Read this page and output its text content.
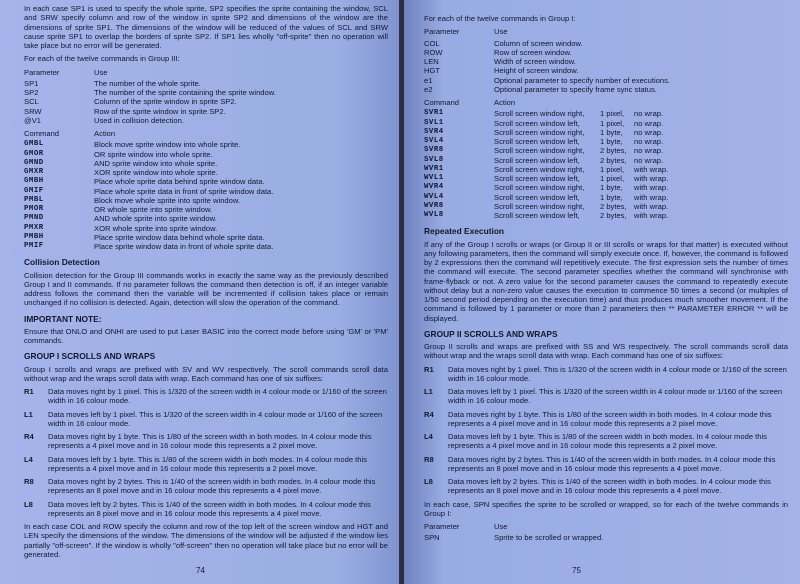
In each case SP1 is used to specify the whole sprite, SP2 specifies the sprite containing the window, SCL and SRW specify column and row of the window in sprite SP2 and dimensions of the window are the dimensions of sprite SP1. The dimensions of the window will be reduced of the values of SCL and SRW cause sprite SP1 to overlap the borders of sprite SP2. If SP1 lies wholly "off-sprite" then no operation will take place but no error will be generated.

For each of the twelve commands in Group III:

Parameter	Use
SP1	The number of the whole sprite.
SP2	The number of the sprite containing the sprite window.
SCL	Column of the sprite window in sprite SP2.
SRW	Row of the sprite window in sprite SP2.
@V1	Used in collision detection.
Command	Action
GMBL	Block move sprite window into whole sprite.
GMOR	OR sprite window into whole sprite.
GMND	AND sprite window into whole sprite.
GMXR	XOR sprite window into whole sprite.
GMBH	Place whole sprite data behind sprite window data.
GMIF	Place whole sprite data in front of sprite window data.
PMBL	Block move whole sprite into sprite window.
PMOR	OR whole sprite into sprite window.
PMND	AND whole sprite into sprite window.
PMXR	XOR whole sprite into sprite window.
PMBH	Place sprite window data behind whole sprite data.
PMIF	Place sprite window data in front of whole sprite data.
Collision Detection

Collision detection for the Group III commands works in exactly the same way as the previously described Group I and II commands. If no parameter follows the command then detection is off, if an integer variable address follows the command then the variable will be incremented if collision takes place or remain unchanged if no collision is detected. Again, detection will slow the operation of the command.

IMPORTANT NOTE:

Ensure that ONLO and ONHI are used to put Laser BASIC into the correct mode before using 'GM' or 'PM' commands.

GROUP I SCROLLS AND WRAPS

Group I scrolls and wraps are prefixed with SV and WV respectively. The scroll commands scroll data without wrap and the wraps scroll data with wrap. Each command has one of six suffixes:

R1	Data moves right by 1 pixel. This is 1/320 of the screen width in 4 colour mode or 1/160 of the screen width in 16 colour mode.
L1	Data moves left by 1 pixel. This is 1/320 of the screen width in 4 colour mode or 1/160 of the screen width in 16 colour mode.
R4	Data moves right by 1 byte. This is 1/80 of the screen width in both modes. In 4 colour mode this represents a 4 pixel move and in 16 colour mode this represents a 2 pixel move.
L4	Data moves left by 1 byte. This is 1/80 of the screen width in both modes. In 4 colour mode this represents a 4 pixel move and in 16 colour mode this represents a 2 pixel move.
R8	Data moves right by 2 bytes. This is 1/40 of the screen width in both modes. In 4 colour mode this represents an 8 pixel move and in 16 colour mode this represents a 4 pixel move.
L8	Data moves left by 2 bytes. This is 1/40 of the screen width in both modes. In 4 colour mode this represents an 8 pixel move and in 16 colour mode this represents a 4 pixel move.

In each case COL and ROW specify the column and row of the top left of the screen window and HGT and LEN specify the dimensions of the window. The dimensions of the window will be adjusted if the window lies partially "off-screen". If the window is wholly "off-screen" then no operation will take place but no error will be generated.

74

For each of the twelve commands in Group I:

Parameter	Use
COL	Column of screen window.
ROW	Row of screen window.
LEN	Width of screen window.
HGT	Height of screen window.
e1	Optional parameter to specify number of executions.
e2	Optional parameter to specify frame sync status.
Command	Action
SVR1	Scroll screen window right,	1 pixel,	no wrap.
SVL1	Scroll screen window left,	1 pixel,	no wrap.
SVR4	Scroll screen window right,	1 byte,	no wrap.
SVL4	Scroll screen window left,	1 byte,	no wrap.
SVR8	Scroll screen window right,	2 bytes, no wrap.
SVL8	Scroll screen window left,	2 bytes, no wrap.
WVR1	Scroll screen window right,	1 pixel,	with wrap.
WVL1	Scroll screen window left,	1 pixel,	with wrap.
WVR4	Scroll screen window right,	1 byte,	with wrap.
WVL4	Scroll screen window left,	1 byte,	with wrap.
WVR8	Scroll screen window right,	2 bytes, with wrap.
WVL8	Scroll screen window left,	2 bytes, with wrap.
Repeated Execution

If any of the Group I scrolls or wraps (or Group II or III scrolls or wraps for that matter) is executed without any following parameters, then the command will simply execute once. If, however, the command is followed by 2 expressions then the command will repetitively execute. The first expression sets the number of times the command will execute. The second parameter specifies whether the command will synchronise with frame-flyback or not. A zero value for the second parameter causes the command to repeatedly execute without delay but a non-zero value causes the execution to commence 50 times a second (or multiples of 1/50 second period depending on the execution time) and thus produces much smoother movement. If the command is followed by 1 parameter or more than 2 parameters then ** PARAMETER ERROR ** will be displayed.

GROUP II SCROLLS AND WRAPS

Group II scrolls and wraps are prefixed with SS and WS respectively. The scroll commands scroll data without wrap and the wraps scroll data with wrap. Each command has one of six suffixes:

R1	Data moves right by 1 pixel. This is 1/320 of the screen width in 4 colour mode or 1/160 of the screen width in 16 colour mode.
L1	Data moves left by 1 pixel. This is 1/320 of the screen width in 4 colour mode or 1/160 of the screen width in 16 colour mode.
R4	Data moves right by 1 byte. This is 1/80 of the screen width in both modes. In 4 colour mode this represents a 4 pixel move and in 16 colour mode this represents a 2 pixel move.
L4	Data moves left by 1 byte. This is 1/80 of the screen width in both modes. In 4 colour mode this represents a 4 pixel move and in 16 colour mode this represents a 2 pixel move.
R8	Data moves right by 2 bytes. This is 1/40 of the screen width in both modes. In 4 colour mode this represents an 8 pixel move and in 16 colour mode this represents a 4 pixel move.
L8	Data moves left by 2 bytes. This is 1/40 of the screen width in both modes. In 4 colour mode this represents an 8 pixel move and in 16 colour mode this represents a 4 pixel move.

In each case, SPN specifies the sprite to be scrolled or wrapped, so for each of the twelve commands in Group I:

Parameter	Use
SPN	Sprite to be scrolled or wrapped.
75
